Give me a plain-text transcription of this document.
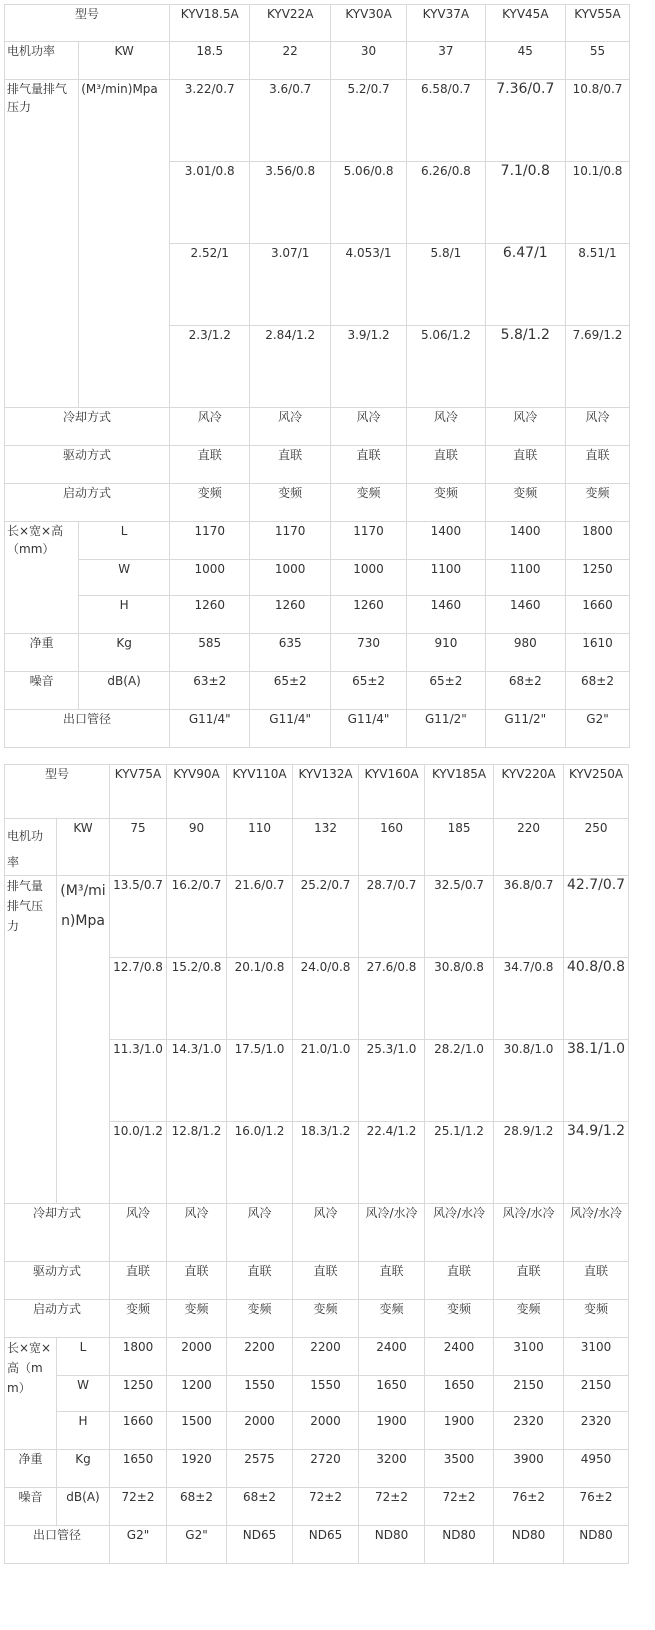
型号		KYV18.5A	KYV22A	KYV30A	KYV37A	KYV45A	KYV55A
电机功率	KW	18.5	22	30	37	45	55
排气量排气压力	(M³/min)Mpa	3.22/0.7	3.6/0.7	5.2/0.7	6.58/0.7	7.36/0.7	10.8/0.7
		3.01/0.8	3.56/0.8	5.06/0.8	6.26/0.8	7.1/0.8	10.1/0.8
		2.52/1	3.07/1	4.053/1	5.8/1	6.47/1	8.51/1
		2.3/1.2	2.84/1.2	3.9/1.2	5.06/1.2	5.8/1.2	7.69/1.2
冷却方式		风冷	风冷	风冷	风冷	风冷	风冷
驱动方式		直联	直联	直联	直联	直联	直联
启动方式		变频	变频	变频	变频	变频	变频
长×宽×高（mm）	L	1170	1170	1170	1400	1400	1800
	W	1000	1000	1000	1100	1100	1250
	H	1260	1260	1260	1460	1460	1660
净重	Kg	585	635	730	910	980	1610
噪音	dB(A)	63±2	65±2	65±2	65±2	68±2	68±2
出口管径		G11/4"	G11/4"	G11/4"	G11/2"	G11/2"	G2"
型号		KYV75A	KYV90A	KYV110A	KYV132A	KYV160A	KYV185A	KYV220A	KYV250A
电机功率	KW	75	90	110	132	160	185	220	250
排气量排气压力	(M³/min)Mpa	13.5/0.7	16.2/0.7	21.6/0.7	25.2/0.7	28.7/0.7	32.5/0.7	36.8/0.7	42.7/0.7
		12.7/0.8	15.2/0.8	20.1/0.8	24.0/0.8	27.6/0.8	30.8/0.8	34.7/0.8	40.8/0.8
		11.3/1.0	14.3/1.0	17.5/1.0	21.0/1.0	25.3/1.0	28.2/1.0	30.8/1.0	38.1/1.0
		10.0/1.2	12.8/1.2	16.0/1.2	18.3/1.2	22.4/1.2	25.1/1.2	28.9/1.2	34.9/1.2
冷却方式		风冷	风冷	风冷	风冷	风冷/水冷	风冷/水冷	风冷/水冷	风冷/水冷
驱动方式		直联	直联	直联	直联	直联	直联	直联	直联
启动方式		变频	变频	变频	变频	变频	变频	变频	变频
长×宽×高（mm）	L	1800	2000	2200	2200	2400	2400	3100	3100
	W	1250	1200	1550	1550	1650	1650	2150	2150
	H	1660	1500	2000	2000	1900	1900	2320	2320
净重	Kg	1650	1920	2575	2720	3200	3500	3900	4950
噪音	dB(A)	72±2	68±2	68±2	72±2	72±2	72±2	76±2	76±2
出口管径		G2"	G2"	ND65	ND65	ND80	ND80	ND80	ND80
